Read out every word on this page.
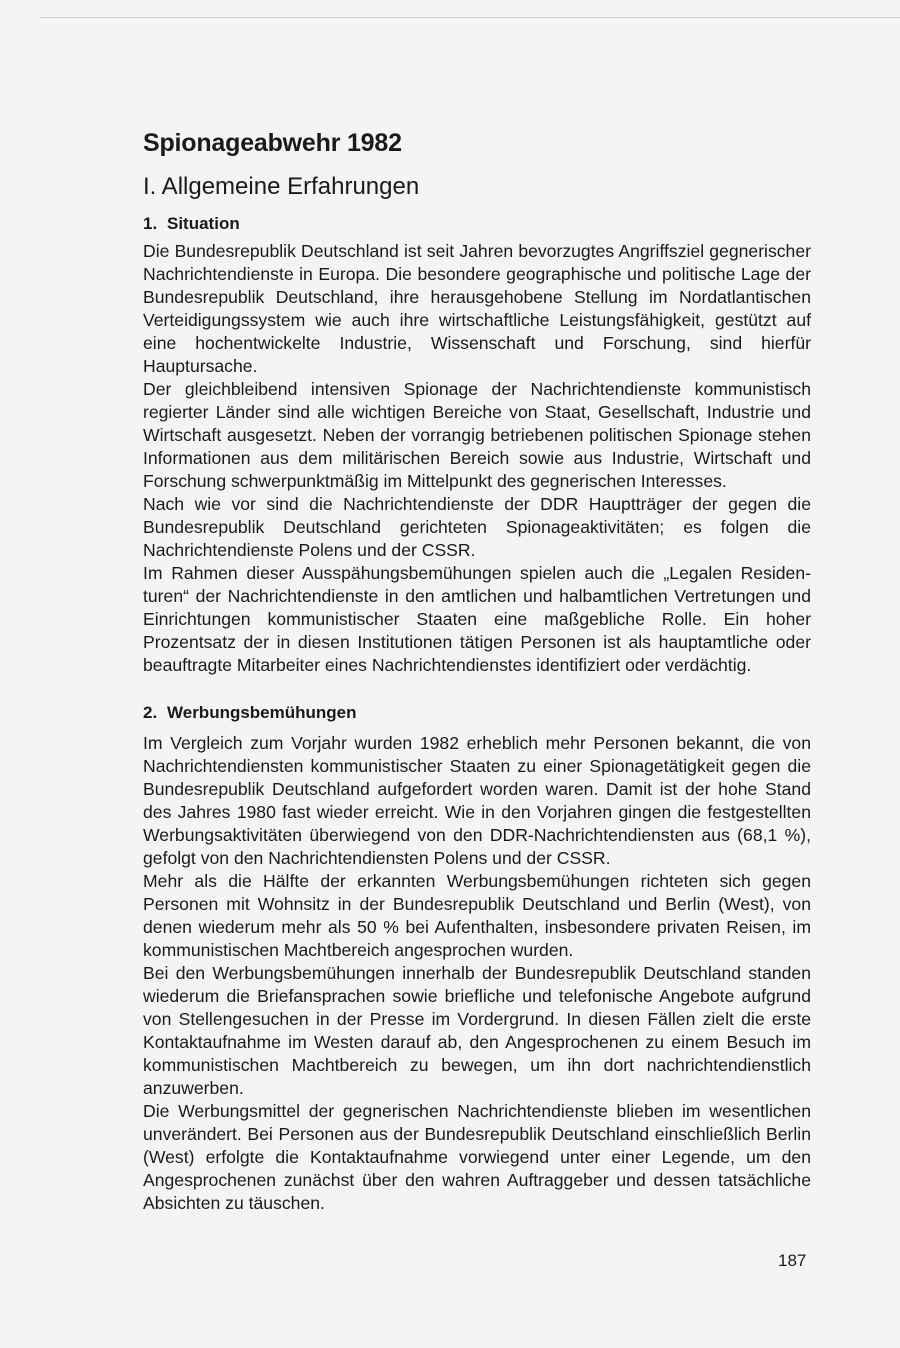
Spionageabwehr 1982
I. Allgemeine Erfahrungen
1. Situation

Die Bundesrepublik Deutschland ist seit Jahren bevorzugtes Angriffsziel gegnerischer Nachrichtendienste in Europa. Die besondere geographische und politische Lage der Bundesrepublik Deutschland, ihre herausgehobene Stellung im Nordatlantischen Verteidigungssystem wie auch ihre wirtschaftliche Leistungsfähigkeit, gestützt auf eine hochentwickelte Industrie, Wissenschaft und Forschung, sind hierfür Hauptursache.

Der gleichbleibend intensiven Spionage der Nachrichtendienste kommunistisch regierter Länder sind alle wichtigen Bereiche von Staat, Gesellschaft, Industrie und Wirtschaft ausgesetzt. Neben der vorrangig betriebenen politischen Spionage stehen Informationen aus dem militärischen Bereich sowie aus Industrie, Wirtschaft und Forschung schwerpunktmäßig im Mittelpunkt des gegnerischen Interesses.

Nach wie vor sind die Nachrichtendienste der DDR Hauptträger der gegen die Bundesrepublik Deutschland gerichteten Spionageaktivitäten; es folgen die Nachrichtendienste Polens und der CSSR.

Im Rahmen dieser Ausspähungsbemühungen spielen auch die „Legalen Residenturen“ der Nachrichtendienste in den amtlichen und halbamtlichen Vertretungen und Einrichtungen kommunistischer Staaten eine maßgebliche Rolle. Ein hoher Prozentsatz der in diesen Institutionen tätigen Personen ist als hauptamtliche oder beauftragte Mitarbeiter eines Nachrichtendienstes identifiziert oder verdächtig.

2. Werbungsbemühungen

Im Vergleich zum Vorjahr wurden 1982 erheblich mehr Personen bekannt, die von Nachrichtendiensten kommunistischer Staaten zu einer Spionagetätigkeit gegen die Bundesrepublik Deutschland aufgefordert worden waren. Damit ist der hohe Stand des Jahres 1980 fast wieder erreicht. Wie in den Vorjahren gingen die festgestellten Werbungsaktivitäten überwiegend von den DDR-Nachrichtendiensten aus (68,1 %), gefolgt von den Nachrichtendiensten Polens und der CSSR.

Mehr als die Hälfte der erkannten Werbungsbemühungen richteten sich gegen Personen mit Wohnsitz in der Bundesrepublik Deutschland und Berlin (West), von denen wiederum mehr als 50 % bei Aufenthalten, insbesondere privaten Reisen, im kommunistischen Machtbereich angesprochen wurden.

Bei den Werbungsbemühungen innerhalb der Bundesrepublik Deutschland standen wiederum die Briefansprachen sowie briefliche und telefonische Angebote aufgrund von Stellengesuchen in der Presse im Vordergrund. In diesen Fällen zielt die erste Kontaktaufnahme im Westen darauf ab, den Angesprochenen zu einem Besuch im kommunistischen Machtbereich zu bewegen, um ihn dort nachrichtendienstlich anzuwerben.

Die Werbungsmittel der gegnerischen Nachrichtendienste blieben im wesentlichen unverändert. Bei Personen aus der Bundesrepublik Deutschland einschließlich Berlin (West) erfolgte die Kontaktaufnahme vorwiegend unter einer Legende, um den Angesprochenen zunächst über den wahren Auftraggeber und dessen tatsächliche Absichten zu täuschen.

187
